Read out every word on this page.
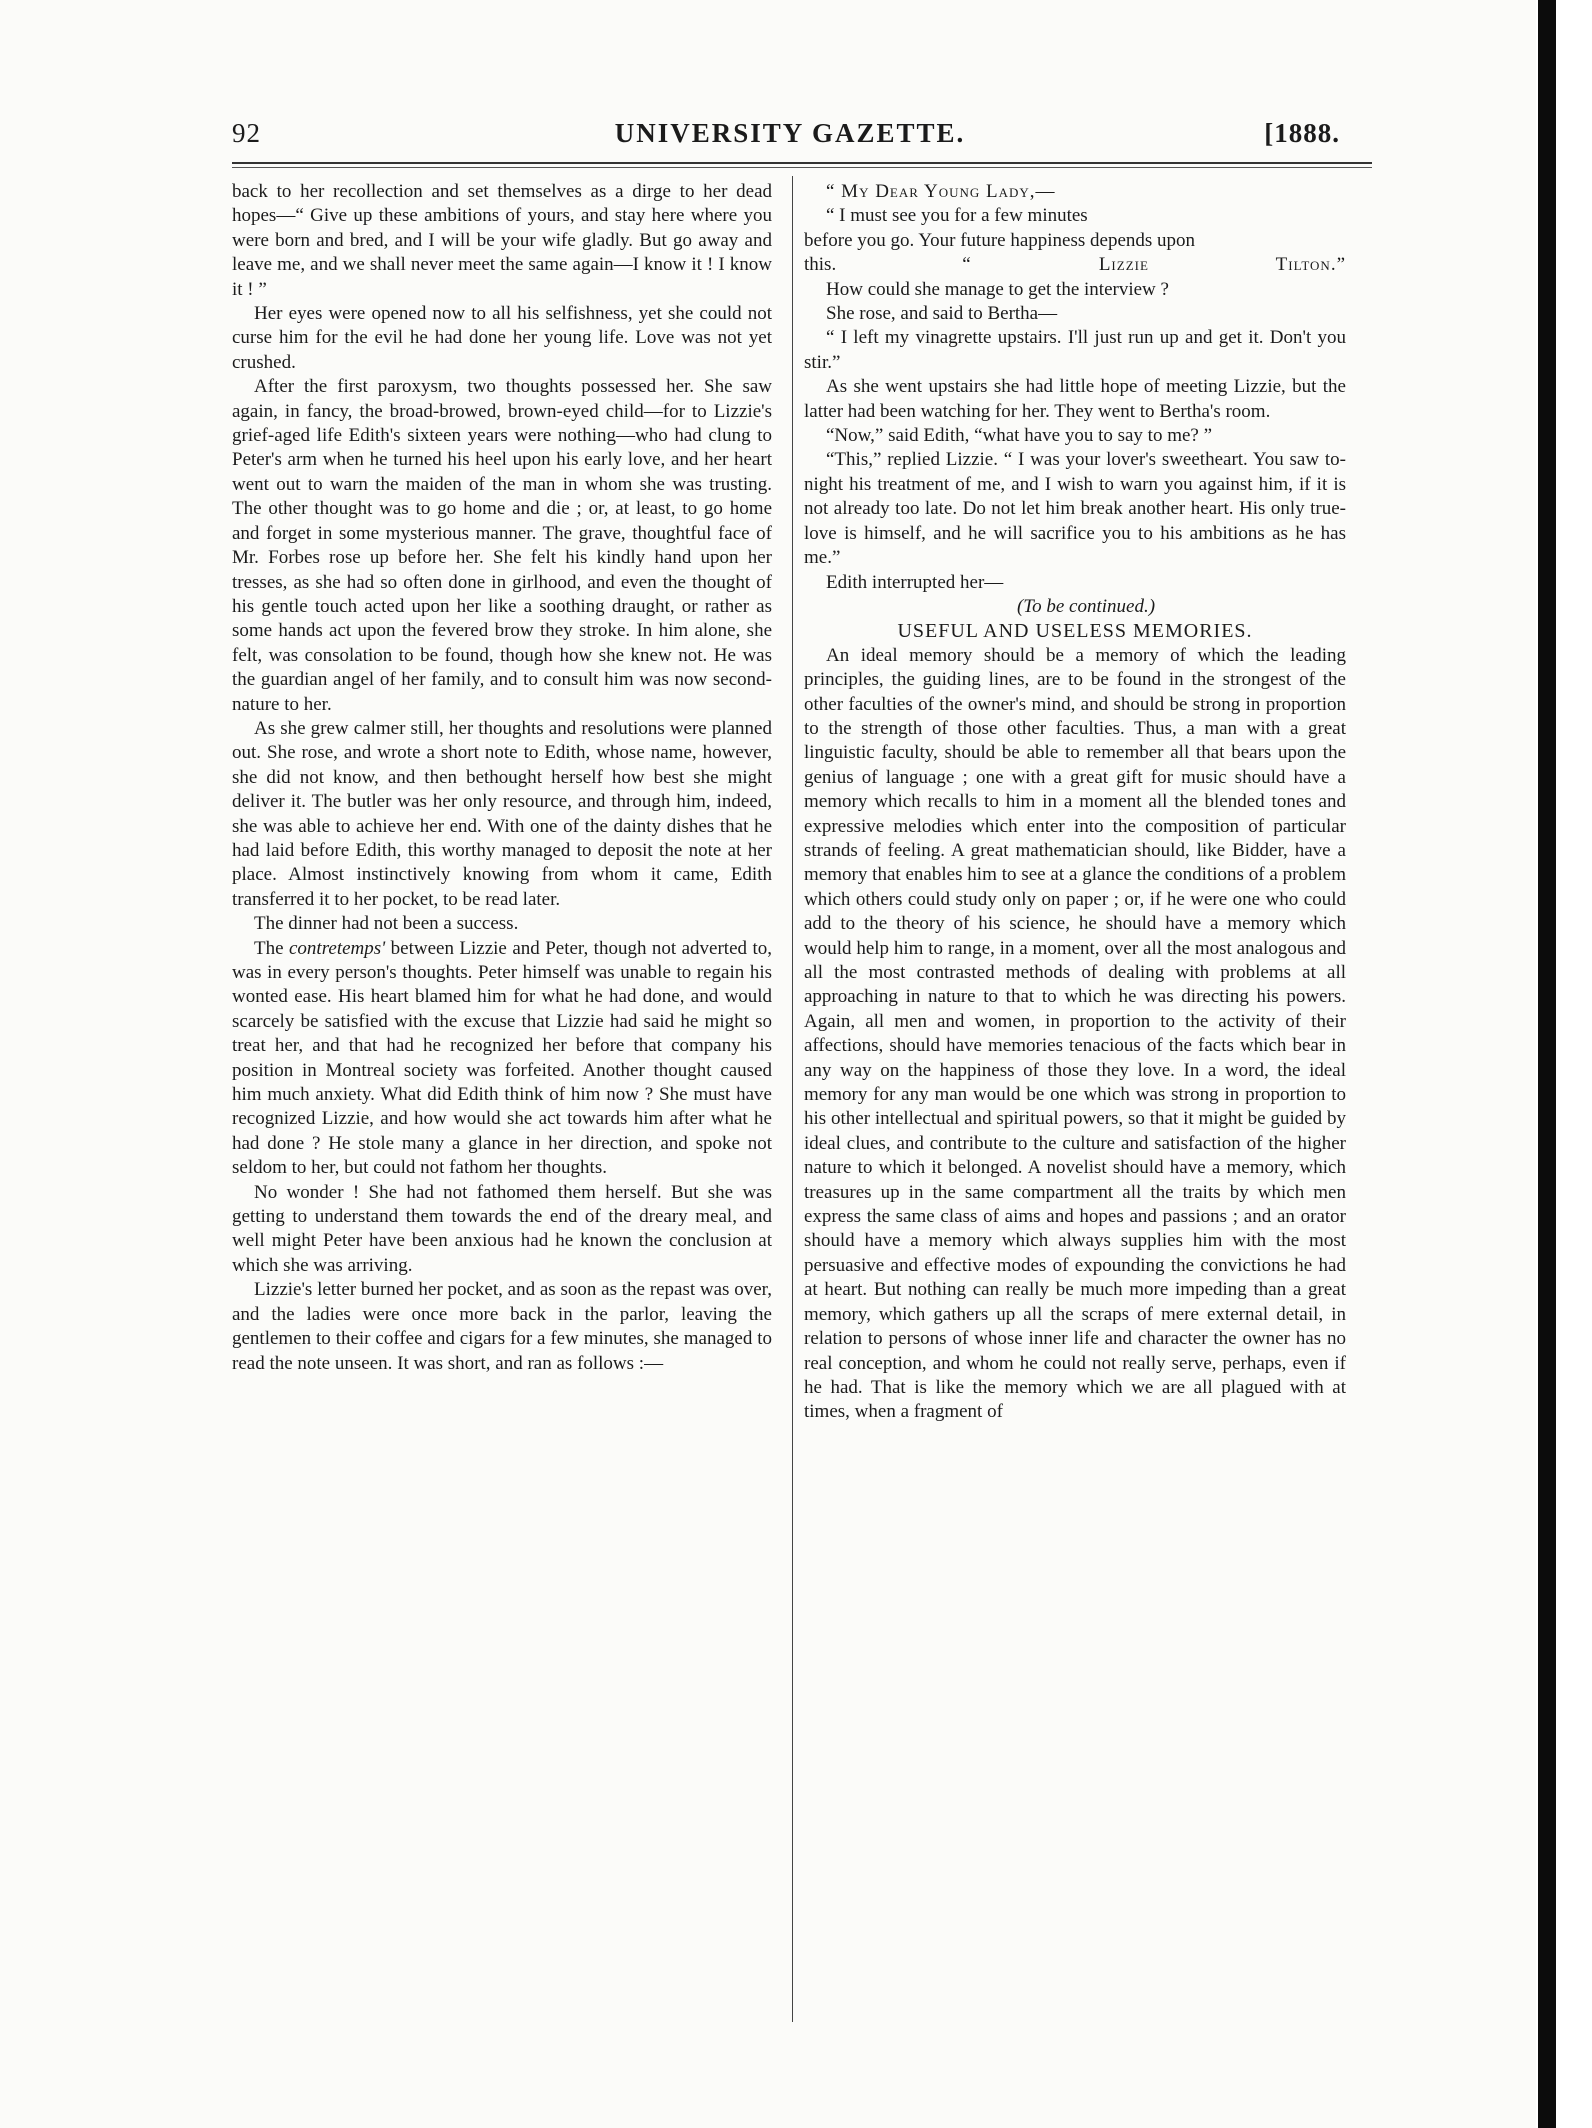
92	UNIVERSITY GAZETTE.	[1888.

back to her recollection and set themselves as a dirge to her dead hopes—“ Give up these ambitions of yours, and stay here where you were born and bred, and I will be your wife gladly. But go away and leave me, and we shall never meet the same again—I know it ! I know it ! ”

Her eyes were opened now to all his selfishness, yet she could not curse him for the evil he had done her young life. Love was not yet crushed.

After the first paroxysm, two thoughts possessed her. She saw again, in fancy, the broad-browed, brown-eyed child—for to Lizzie's grief-aged life Edith's sixteen years were nothing—who had clung to Peter's arm when he turned his heel upon his early love, and her heart went out to warn the maiden of the man in whom she was trusting. The other thought was to go home and die ; or, at least, to go home and forget in some mysterious manner. The grave, thoughtful face of Mr. Forbes rose up before her. She felt his kindly hand upon her tresses, as she had so often done in girlhood, and even the thought of his gentle touch acted upon her like a soothing draught, or rather as some hands act upon the fevered brow they stroke. In him alone, she felt, was consolation to be found, though how she knew not. He was the guardian angel of her family, and to consult him was now second-nature to her.

As she grew calmer still, her thoughts and resolutions were planned out. She rose, and wrote a short note to Edith, whose name, however, she did not know, and then bethought herself how best she might deliver it. The butler was her only resource, and through him, indeed, she was able to achieve her end. With one of the dainty dishes that he had laid before Edith, this worthy managed to deposit the note at her place. Almost instinctively knowing from whom it came, Edith transferred it to her pocket, to be read later.

The dinner had not been a success.

The contretemps' between Lizzie and Peter, though not adverted to, was in every person's thoughts. Peter himself was unable to regain his wonted ease. His heart blamed him for what he had done, and would scarcely be satisfied with the excuse that Lizzie had said he might so treat her, and that had he recognized her before that company his position in Montreal society was forfeited. Another thought caused him much anxiety. What did Edith think of him now ? She must have recognized Lizzie, and how would she act towards him after what he had done ? He stole many a glance in her direction, and spoke not seldom to her, but could not fathom her thoughts.

No wonder ! She had not fathomed them herself. But she was getting to understand them towards the end of the dreary meal, and well might Peter have been anxious had he known the conclusion at which she was arriving.

Lizzie's letter burned her pocket, and as soon as the repast was over, and the ladies were once more back in the parlor, leaving the gentlemen to their coffee and cigars for a few minutes, she managed to read the note unseen. It was short, and ran as follows :—

“ My Dear Young Lady,—

“ I must see you for a few minutes

before you go. Your future happiness depends upon

this.	“ Lizzie Tilton.”

How could she manage to get the interview ?

She rose, and said to Bertha—

“ I left my vinagrette upstairs. I'll just run up and get it. Don't you stir.”

As she went upstairs she had little hope of meeting Lizzie, but the latter had been watching for her. They went to Bertha's room.

“Now,” said Edith, “what have you to say to me? ”

“This,” replied Lizzie. “ I was your lover's sweetheart. You saw to-night his treatment of me, and I wish to warn you against him, if it is not already too late. Do not let him break another heart. His only true-love is himself, and he will sacrifice you to his ambitions as he has me.”

Edith interrupted her—

(To be continued.)

USEFUL AND USELESS MEMORIES.

An ideal memory should be a memory of which the leading principles, the guiding lines, are to be found in the strongest of the other faculties of the owner's mind, and should be strong in proportion to the strength of those other faculties. Thus, a man with a great linguistic faculty, should be able to remember all that bears upon the genius of language ; one with a great gift for music should have a memory which recalls to him in a moment all the blended tones and expressive melodies which enter into the composition of particular strands of feeling. A great mathematician should, like Bidder, have a memory that enables him to see at a glance the conditions of a problem which others could study only on paper ; or, if he were one who could add to the theory of his science, he should have a memory which would help him to range, in a moment, over all the most analogous and all the most contrasted methods of dealing with problems at all approaching in nature to that to which he was directing his powers. Again, all men and women, in proportion to the activity of their affections, should have memories tenacious of the facts which bear in any way on the happiness of those they love. In a word, the ideal memory for any man would be one which was strong in proportion to his other intellectual and spiritual powers, so that it might be guided by ideal clues, and contribute to the culture and satisfaction of the higher nature to which it belonged. A novelist should have a memory, which treasures up in the same compartment all the traits by which men express the same class of aims and hopes and passions ; and an orator should have a memory which always supplies him with the most persuasive and effective modes of expounding the convictions he had at heart. But nothing can really be much more impeding than a great memory, which gathers up all the scraps of mere external detail, in relation to persons of whose inner life and character the owner has no real conception, and whom he could not really serve, perhaps, even if he had. That is like the memory which we are all plagued with at times, when a fragment of
